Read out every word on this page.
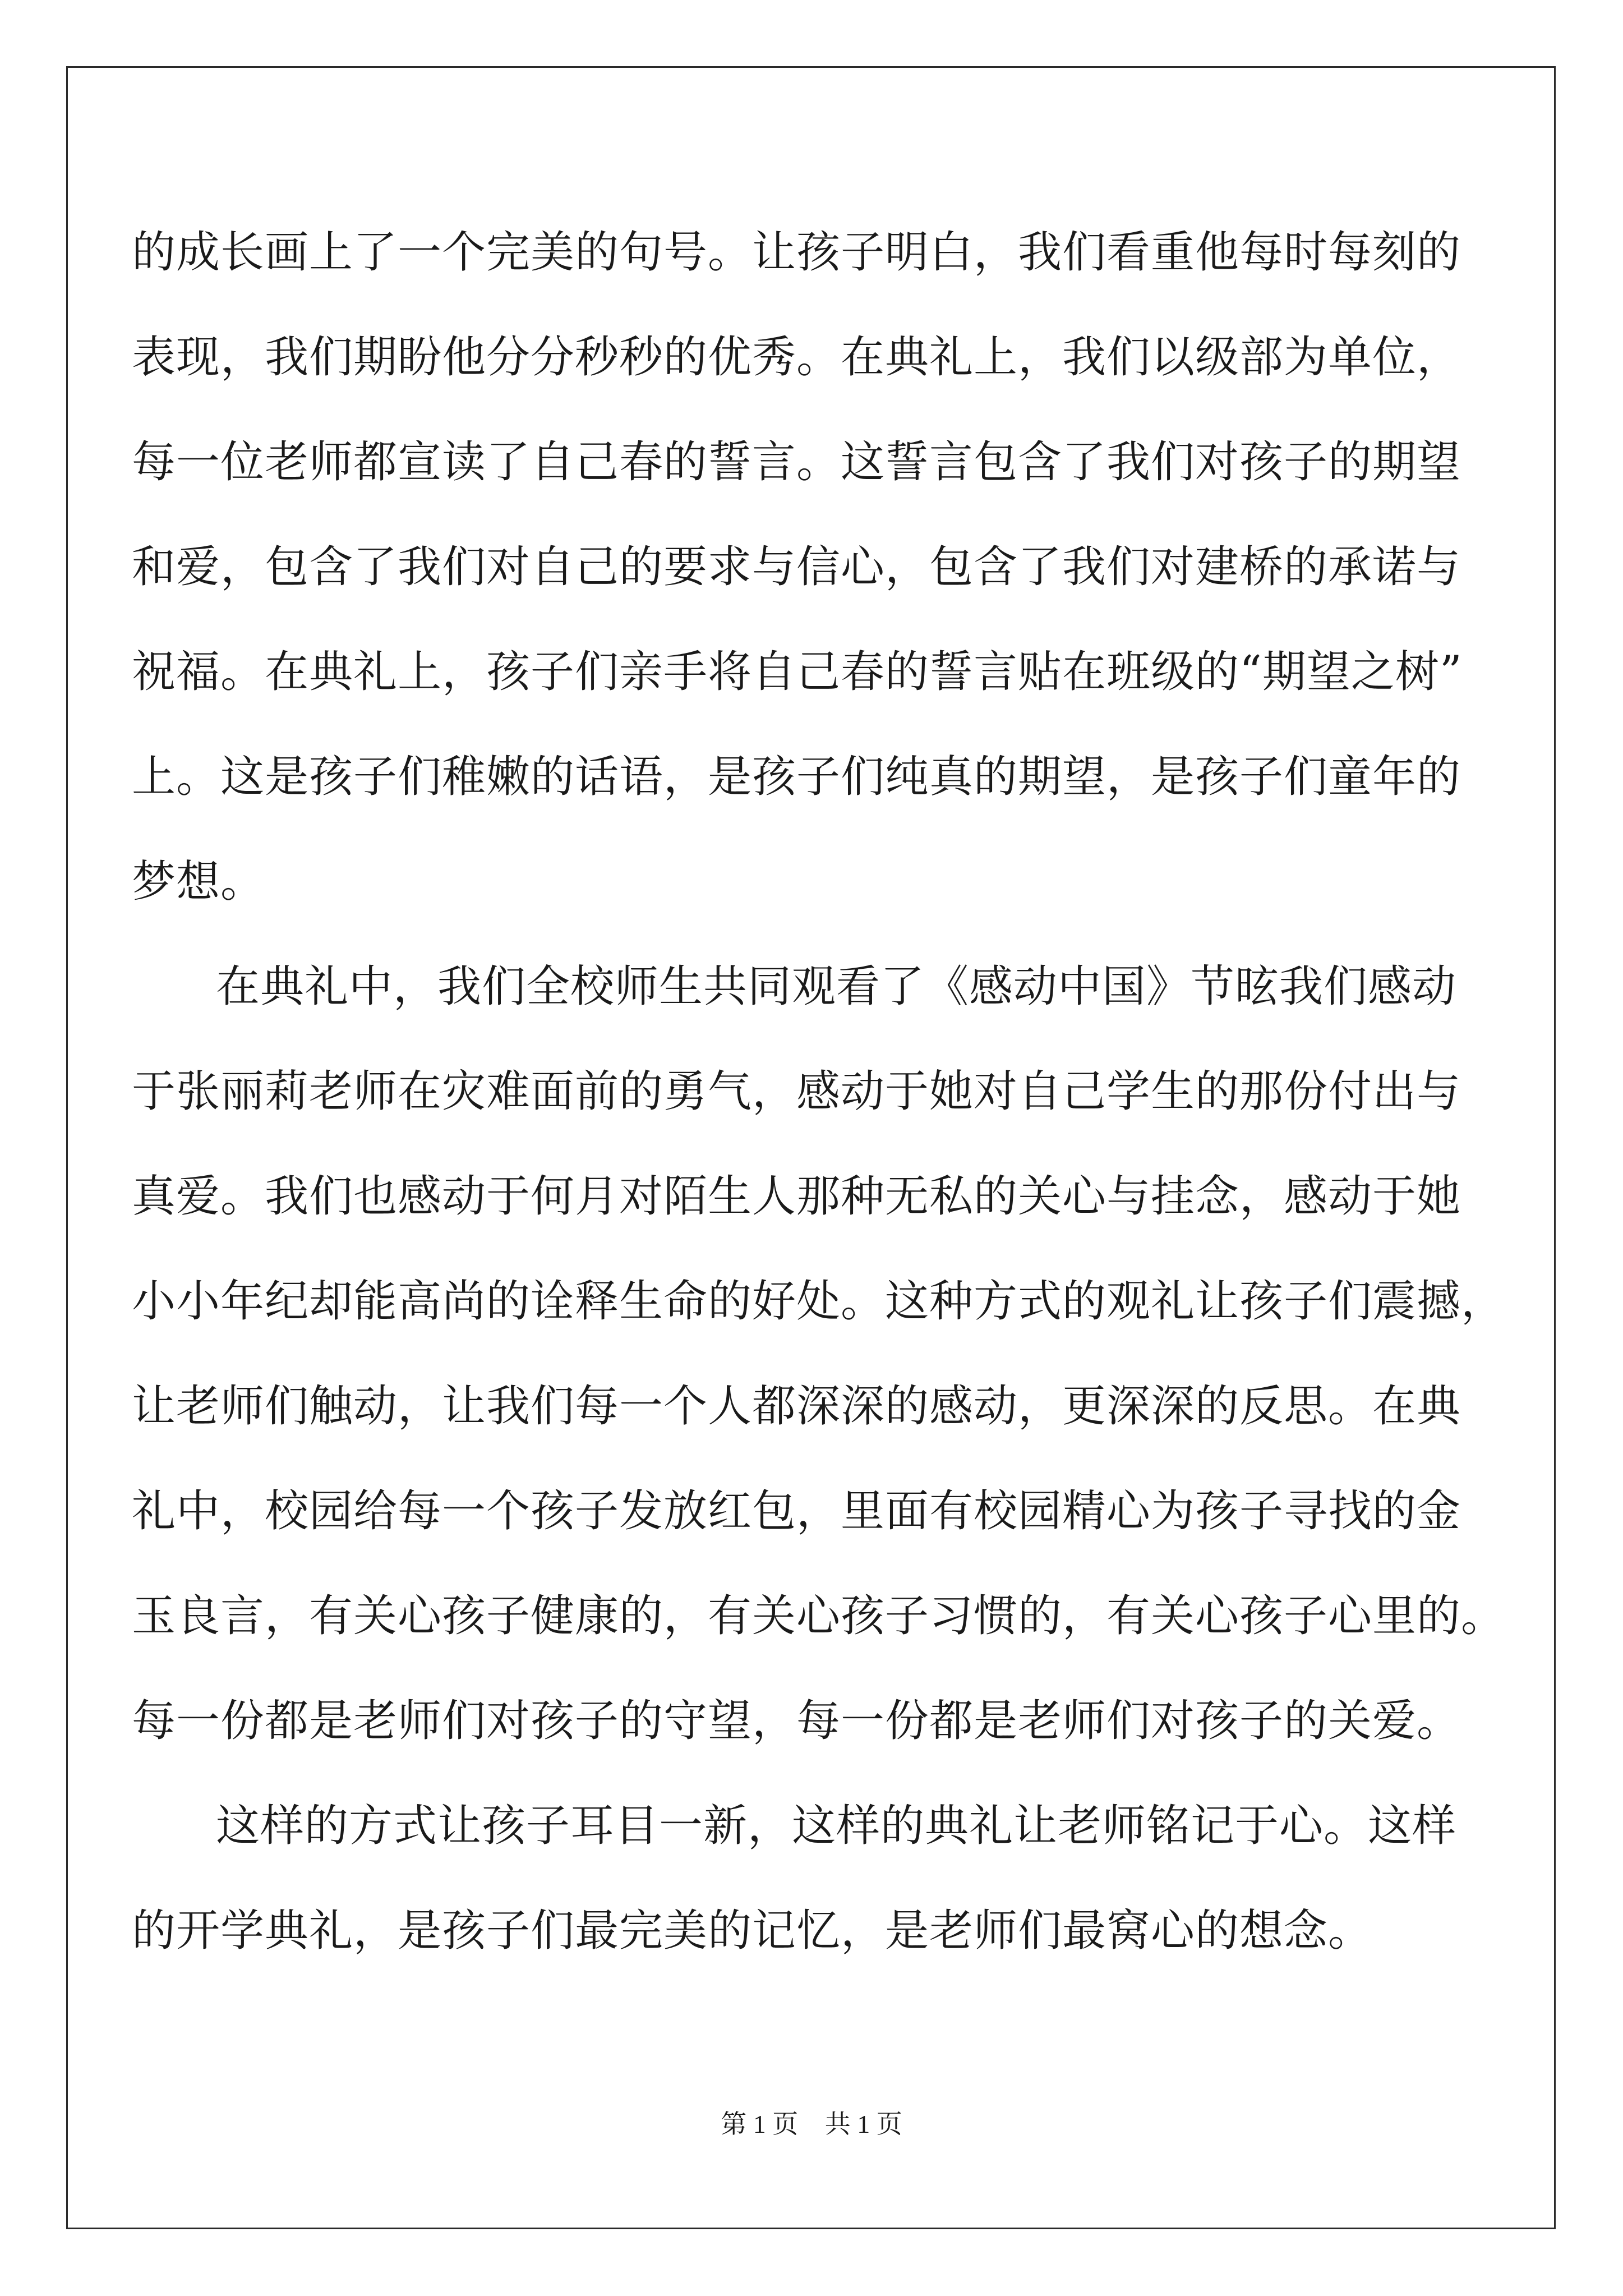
的成长画上了一个完美的句号。让孩子明白，我们看重他每时每刻的
表现，我们期盼他分分秒秒的优秀。在典礼上，我们以级部为单位，
每一位老师都宣读了自己春的誓言。这誓言包含了我们对孩子的期望
和爱，包含了我们对自己的要求与信心，包含了我们对建桥的承诺与
祝福。在典礼上，孩子们亲手将自己春的誓言贴在班级的“期望之树”
上。这是孩子们稚嫩的话语，是孩子们纯真的期望，是孩子们童年的
梦想。
在典礼中，我们全校师生共同观看了《感动中国》节昡我们感动
于张丽莉老师在灾难面前的勇气，感动于她对自己学生的那份付出与
真爱。我们也感动于何月对陌生人那种无私的关心与挂念，感动于她
小小年纪却能高尚的诠释生命的好处。这种方式的观礼让孩子们震撼，
让老师们触动，让我们每一个人都深深的感动，更深深的反思。在典
礼中，校园给每一个孩子发放红包，里面有校园精心为孩子寻找的金
玉良言，有关心孩子健康的，有关心孩子习惯的，有关心孩子心里的。
每一份都是老师们对孩子的守望，每一份都是老师们对孩子的关爱。
这样的方式让孩子耳目一新，这样的典礼让老师铭记于心。这样
的开学典礼，是孩子们最完美的记忆，是老师们最窝心的想念。
第 1 页 共 1 页
